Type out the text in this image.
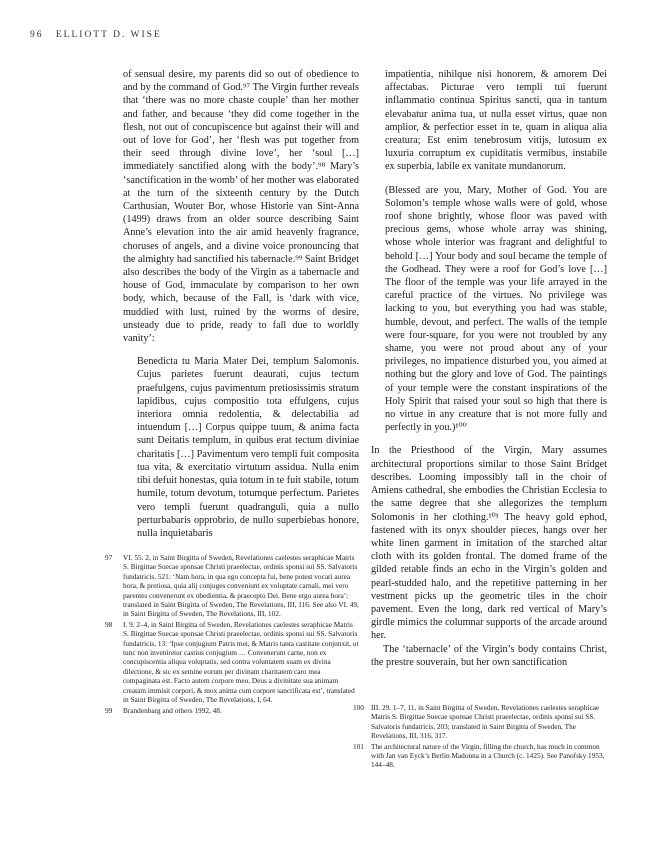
96 ELLIOTT D. WISE

of sensual desire, my parents did so out of obedience to and by the command of God.⁹⁷ The Virgin further reveals that ‘there was no more chaste couple’ than her mother and father, and because ‘they did come together in the flesh, not out of concupiscence but against their will and out of love for God’, her ‘flesh was put together from their seed through divine love’, her ‘soul […] immediately sanctified along with the body’.⁹⁸ Mary’s ‘sanctification in the womb’ of her mother was elaborated at the turn of the sixteenth century by the Dutch Carthusian, Wouter Bor, whose Historie van Sint-Anna (1499) draws from an older source describing Saint Anne’s elevation into the air amid heavenly fragrance, choruses of angels, and a divine voice pronouncing that the almighty had sanctified his tabernacle.⁹⁹ Saint Bridget also describes the body of the Virgin as a tabernacle and house of God, immaculate by comparison to her own body, which, because of the Fall, is ‘dark with vice, muddied with lust, ruined by the worms of desire, unsteady due to pride, ready to fall due to worldly vanity’:

Benedicta tu Maria Mater Dei, templum Salomonis. Cujus parietes fuerunt deaurati, cujus tectum praefulgens, cujus pavimentum pretiosissimis stratum lapidibus, cujus compositio tota effulgens, cujus interiora omnia redolentia, & delectabilia ad intuendum […] Corpus quippe tuum, & anima facta sunt Deitatis templum, in quibus erat tectum diviniae charitatis […] Pavimentum vero templi fuit composita tua vita, & exercitatio virtutum assidua. Nulla enim tibi defuit honestas, quia totum in te fuit stabile, totum humile, totum devotum, totumque perfectum. Parietes vero templi fuerunt quadranguli, quia a nullo perturbabaris opprobrio, de nullo superbiebas honore, nulla inquietabaris

impatientia, nihilque nisi honorem, & amorem Dei affectabas. Picturae vero templi tui fuerunt inflammatio continua Spiritus sancti, qua in tantum elevabatur anima tua, ut nulla esset virtus, quae non amplior, & perfectior esset in te, quam in aliqua alia creatura; Est enim tenebrosum vitijs, lutosum ex luxuria corruptum ex cupiditatis vermibus, instabile ex superbia, labile ex vanitate mundanorum.

(Blessed are you, Mary, Mother of God. You are Solomon’s temple whose walls were of gold, whose roof shone brightly, whose floor was paved with precious gems, whose whole array was shining, whose whole interior was fragrant and delightful to behold […] Your body and soul became the temple of the Godhead. They were a roof for God’s love […] The floor of the temple was your life arrayed in the careful practice of the virtues. No privilege was lacking to you, but everything you had was stable, humble, devout, and perfect. The walls of the temple were four-square, for you were not troubled by any shame, you were not proud about any of your privileges, no impatience disturbed you, you aimed at nothing but the glory and love of God. The paintings of your temple were the constant inspirations of the Holy Spirit that raised your soul so high that there is no virtue in any creature that is not more fully and perfectly in you.)¹⁰⁰

In the Priesthood of the Virgin, Mary assumes architectural proportions similar to those Saint Bridget describes. Looming impossibly tall in the choir of Amiens cathedral, she embodies the Christian Ecclesia to the same degree that she allegorizes the templum Solomonis in her clothing.¹⁰¹ The heavy gold ephod, fastened with its onyx shoulder pieces, hangs over her white linen garment in imitation of the starched altar cloth with its golden frontal. The domed frame of the gilded retable finds an echo in the Virgin’s golden and pearl-studded halo, and the repetitive patterning in her vestment picks up the geometric tiles in the choir pavement. Even the long, dark red vertical of Mary’s girdle mimics the columnar supports of the arcade around her.

The ‘tabernacle’ of the Virgin’s body contains Christ, the prestre souverain, but her own sanctification

97	VI. 55. 2, in Saint Birgitta of Sweden, Revelationes caelestes seraphicae Matris S. Birgittae Suecae sponsae Christi praeelectae, ordinis sponsi sui SS. Salvatoris fundatricis, 521: ‘Nam hora, in qua ego concepta fui, bene potest vocari aurea hora, & pretiosa, quia alij conjuges conveniunt ex voluptate carnali, mei vero parentes convenerunt ex obedientia, & praecepto Dei. Bene ergo aurea hora’; translated in Saint Birgitta of Sweden, The Revelations, III, 116. See also VI. 49, in Saint Birgitta of Sweden, The Revelations, III, 102.
98	I. 9. 2–4, in Saint Birgitta of Sweden, Revelationes caelestes seraphicae Matris S. Birgittae Suecae sponsae Christi praeelectae, ordinis sponsi sui SS. Salvatoris fundatricis, 13: ‘Ipse conjugium Patris mei, & Matris tanta castitate conjunxit, ut tunc non inveniretur castius conjugium … Convenerunt carne, non ex concupiscentia aliqua voluptatis, sed contra voluntatem suam ex divina dilectione, & sic ex semine eorum per divinam charitatem caro mea compaginata est. Facto autem corpore meo, Deus a divinitate sua animam creatam immisit corpori, & mox anima cum corpore sanctificata est’, translated in Saint Birgitta of Sweden, The Revelations, I, 64.
99	Brandenbarg and others 1992, 48.	100 III. 29. 1–7, 11, in Saint Birgitta of Sweden, Revelationes caelestes seraphicae Matris S. Birgittae Suecae sponsae Christi praeelectae, ordinis sponsi sui SS. Salvatoris fundatricis, 203; translated in Saint Birgitta of Sweden, The Revelations, III, 316, 317.
101 The architectural nature of the Virgin, filling the church, has much in common with Jan van Eyck’s Berlin Madonna in a Church (c. 1425). See Panofsky 1953, 144–48.
